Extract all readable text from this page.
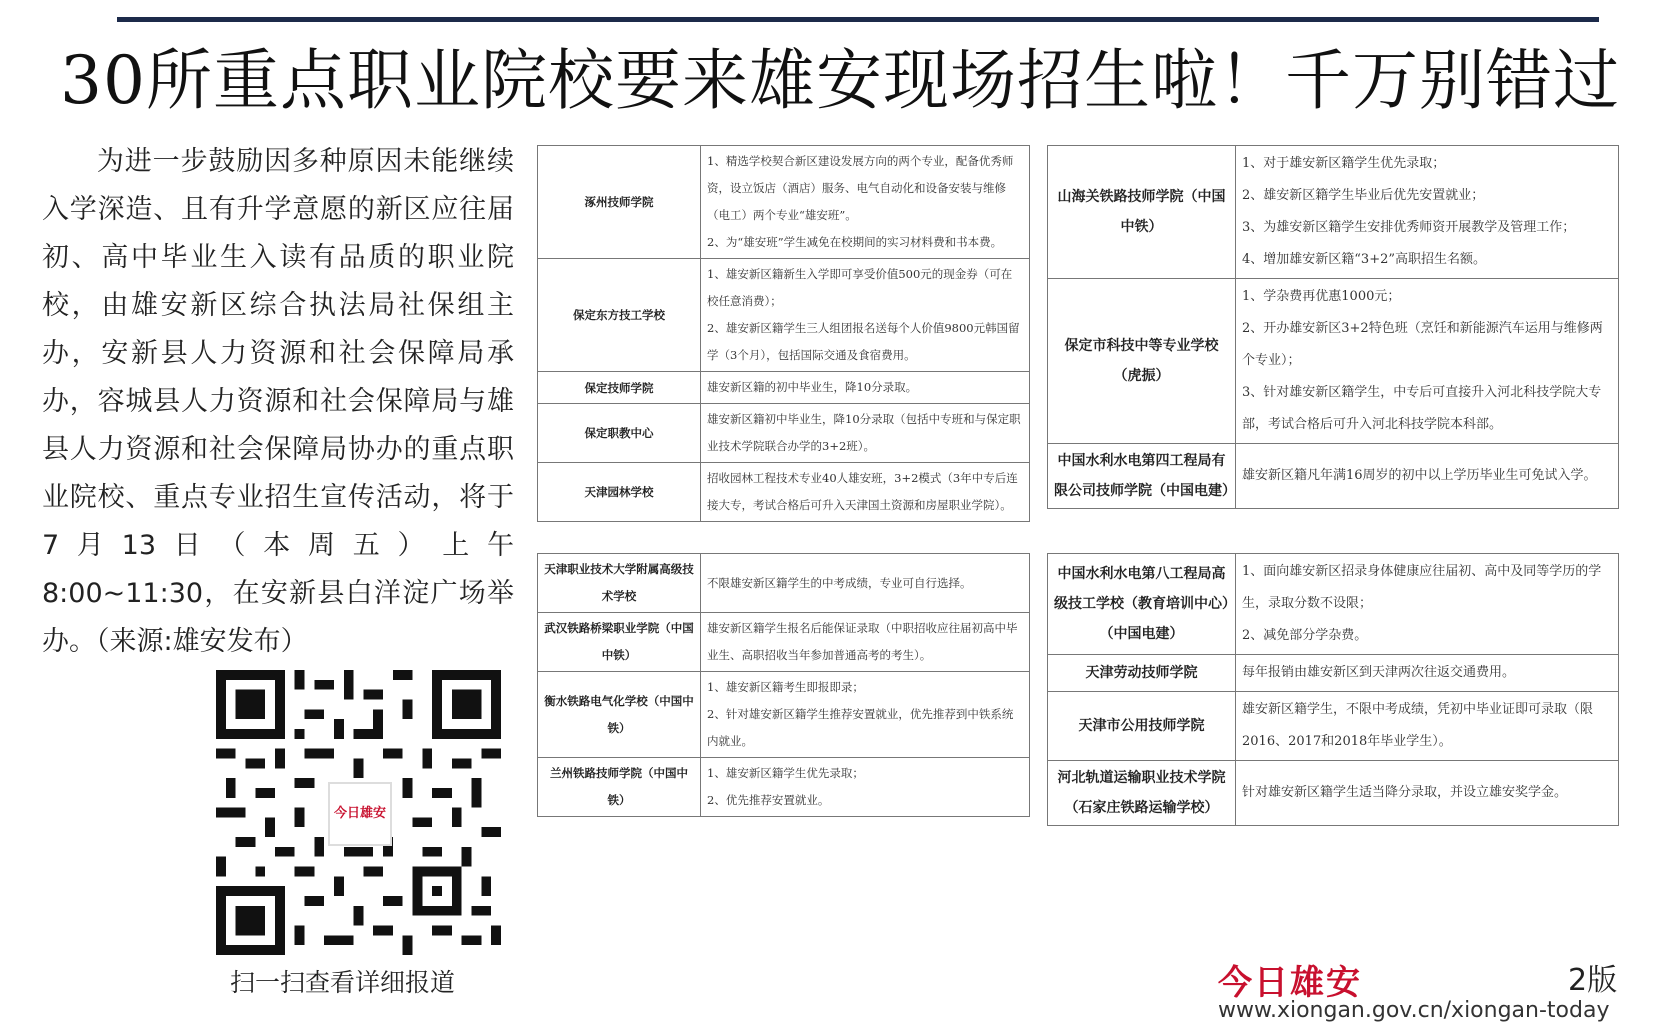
30所重点职业院校要来雄安现场招生啦！千万别错过
为进一步鼓励因多种原因未能继续入学深造、且有升学意愿的新区应往届初、高中毕业生入读有品质的职业院校，由雄安新区综合执法局社保组主办，安新县人力资源和社会保障局承办，容城县人力资源和社会保障局与雄县人力资源和社会保障局协办的重点职业院校、重点专业招生宣传活动，将于7月13日（本周五）上午8:00~11:30，在安新县白洋淀广场举办。（来源:雄安发布）
今日雄安
扫一扫查看详细报道
涿州技师学院	1、精选学校契合新区建设发展方向的两个专业，配备优秀师资，设立饭店（酒店）服务、电气自动化和设备安装与维修（电工）两个专业“雄安班”。
2、为“雄安班”学生减免在校期间的实习材料费和书本费。

保定东方技工学校	1、雄安新区籍新生入学即可享受价值500元的现金券（可在校任意消费）；
2、雄安新区籍学生三人组团报名送每个人价值9800元韩国留学（3个月），包括国际交通及食宿费用。

保定技师学院	雄安新区籍的初中毕业生，降10分录取。

保定职教中心	雄安新区籍初中毕业生，降10分录取（包括中专班和与保定职业技术学院联合办学的3+2班）。

天津园林学校	招收园林工程技术专业40人雄安班，3+2模式（3年中专后连接大专，考试合格后可升入天津国土资源和房屋职业学院）。
天津职业技术大学附属高级技术学校	不限雄安新区籍学生的中考成绩，专业可自行选择。

武汉铁路桥梁职业学院（中国中铁）	雄安新区籍学生报名后能保证录取（中职招收应往届初高中毕业生、高职招收当年参加普通高考的考生）。

衡水铁路电气化学校（中国中铁）	1、雄安新区籍考生即报即录；
2、针对雄安新区籍学生推荐安置就业，优先推荐到中铁系统内就业。

兰州铁路技师学院（中国中铁）	1、雄安新区籍学生优先录取；
2、优先推荐安置就业。
山海关铁路技师学院（中国中铁）	1、对于雄安新区籍学生优先录取；
2、雄安新区籍学生毕业后优先安置就业；
3、为雄安新区籍学生安排优秀师资开展教学及管理工作；
4、增加雄安新区籍“3+2”高职招生名额。

保定市科技中等专业学校（虎振）	1、学杂费再优惠1000元；
2、开办雄安新区3+2特色班（烹饪和新能源汽车运用与维修两个专业）；
3、针对雄安新区籍学生，中专后可直接升入河北科技学院大专部，考试合格后可升入河北科技学院本科部。

中国水利水电第四工程局有限公司技师学院（中国电建）	雄安新区籍凡年满16周岁的初中以上学历毕业生可免试入学。
中国水利水电第八工程局高级技工学校（教育培训中心）（中国电建）	1、面向雄安新区招录身体健康应往届初、高中及同等学历的学生，录取分数不设限；
2、减免部分学杂费。

天津劳动技师学院	每年报销由雄安新区到天津两次往返交通费用。

天津市公用技师学院	雄安新区籍学生，不限中考成绩，凭初中毕业证即可录取（限2016、2017和2018年毕业学生）。

河北轨道运输职业技术学院（石家庄铁路运输学校）	针对雄安新区籍学生适当降分录取，并设立雄安奖学金。
今日雄安	2版
www.xiongan.gov.cn/xiongan-today
